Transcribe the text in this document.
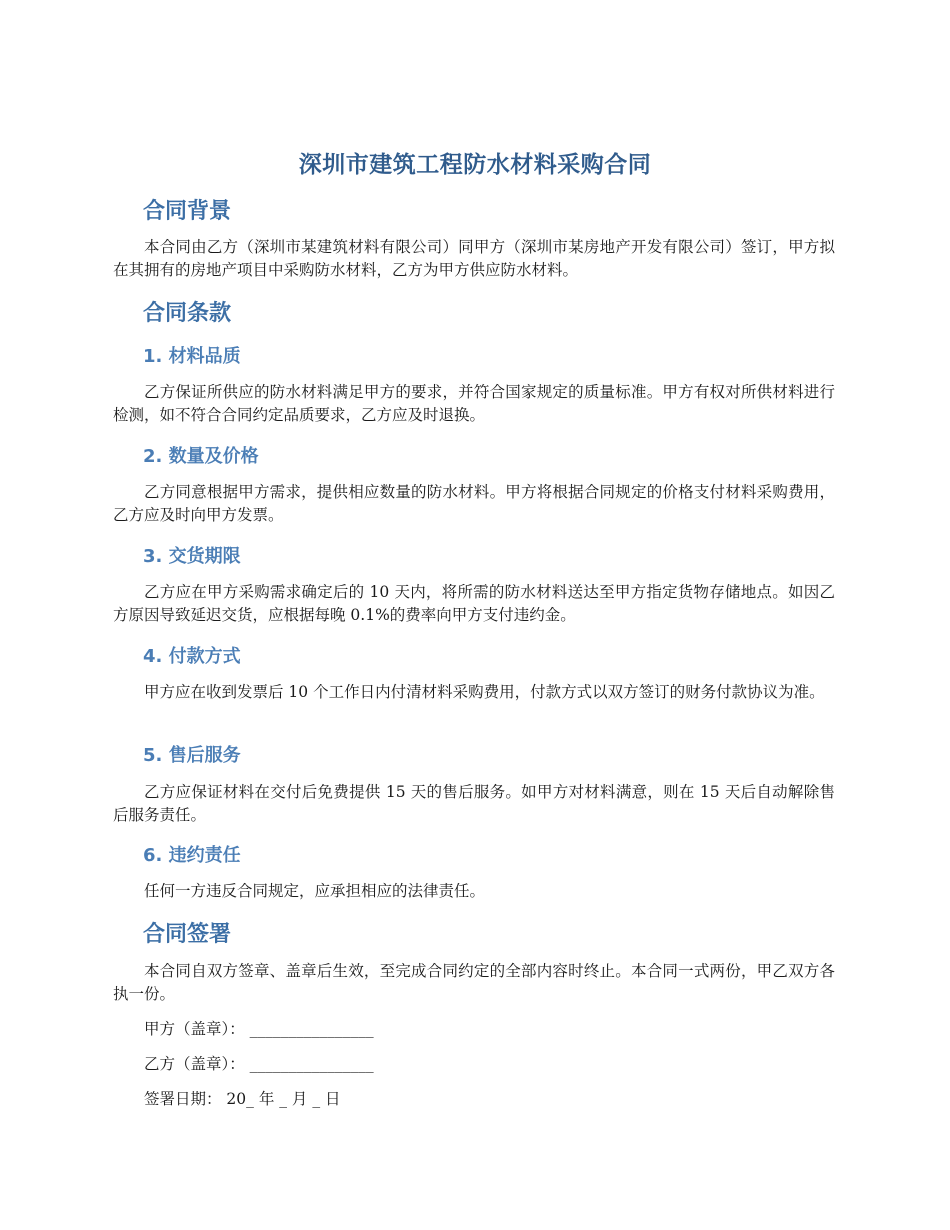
深圳市建筑工程防水材料采购合同
合同背景

本合同由乙方（深圳市某建筑材料有限公司）同甲方（深圳市某房地产开发有限公司）签订，甲方拟在其拥有的房地产项目中采购防水材料，乙方为甲方供应防水材料。

合同条款
1. 材料品质

乙方保证所供应的防水材料满足甲方的要求，并符合国家规定的质量标准。甲方有权对所供材料进行检测，如不符合合同约定品质要求，乙方应及时退换。

2. 数量及价格

乙方同意根据甲方需求，提供相应数量的防水材料。甲方将根据合同规定的价格支付材料采购费用，乙方应及时向甲方发票。

3. 交货期限

乙方应在甲方采购需求确定后的 10 天内，将所需的防水材料送达至甲方指定货物存储地点。如因乙方原因导致延迟交货，应根据每晚 0.1%的费率向甲方支付违约金。

4. 付款方式

甲方应在收到发票后 10 个工作日内付清材料采购费用，付款方式以双方签订的财务付款协议为准。

5. 售后服务

乙方应保证材料在交付后免费提供 15 天的售后服务。如甲方对材料满意，则在 15 天后自动解除售后服务责任。

6. 违约责任

任何一方违反合同规定，应承担相应的法律责任。

合同签署

本合同自双方签章、盖章后生效，至完成合同约定的全部内容时终止。本合同一式两份，甲乙双方各执一份。

甲方（盖章）： ________________

乙方（盖章）： ________________

签署日期： 20_ 年 _ 月 _ 日
